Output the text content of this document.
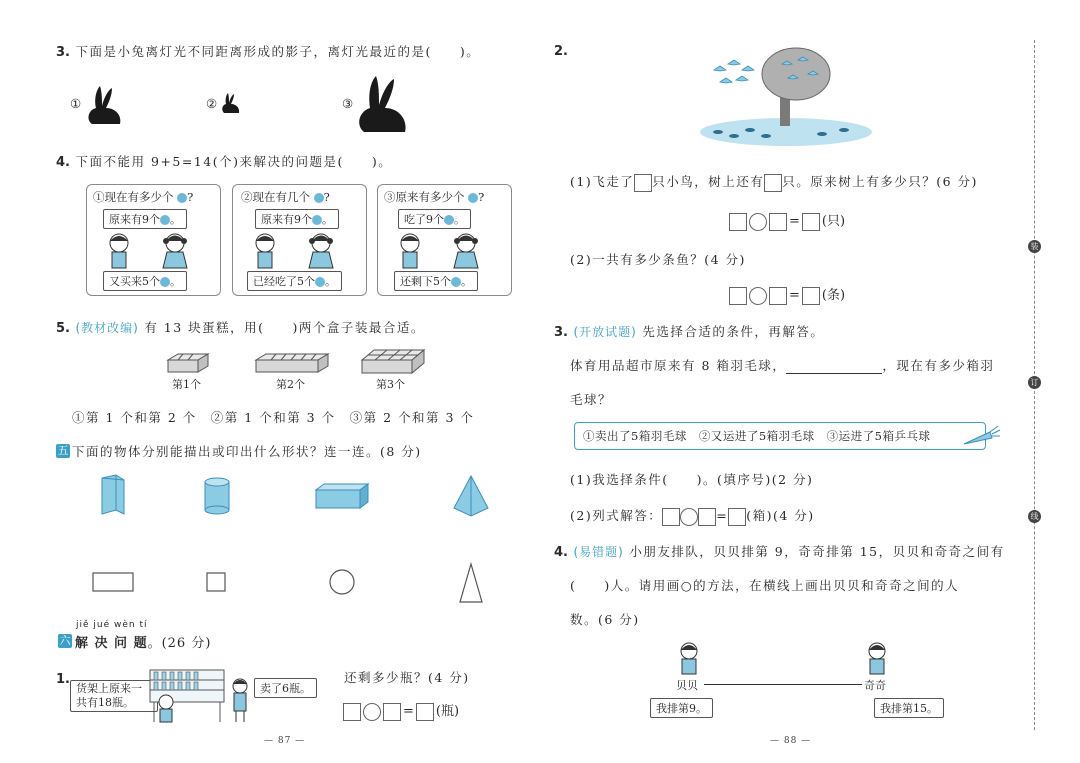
3. 下面是小兔离灯光不同距离形成的影子，离灯光最近的是(　　)。
①	②	③
4. 下面不能用 9+5=14(个)来解决的问题是(　　)。
①现在有多少个 ?
原来有9个 。
又买来5个 。
②现在有几个 ?
原来有9个 。
已经吃了5个 。
③原来有多少个 ?
吃了9个 。
还剩下5个 。
5. (教材改编) 有 13 块蛋糕，用(　　)两个盒子装最合适。
第1个	第2个	第3个
①第 1 个和第 2 个　②第 1 个和第 3 个　③第 2 个和第 3 个
五 下面的物体分别能描出或印出什么形状？连一连。(8 分)
jiě jué wèn tí
六 解 决 问 题。(26 分)
1.
货架上原来一共有18瓶。
卖了6瓶。
还剩多少瓶？(4 分)
= (瓶)
— 87 —
2.
(1)飞走了 只小鸟，树上还有 只。原来树上有多少只？(6 分)
= (只)
(2)一共有多少条鱼？(4 分)
= (条)
3. (开放试题) 先选择合适的条件，再解答。
体育用品超市原来有 8 箱羽毛球，	，现在有多少箱羽
毛球？
①卖出了5箱羽毛球　②又运进了5箱羽毛球　③运进了5箱乒乓球
(1)我选择条件(　　)。(填序号)(2 分)
(2)列式解答：	= (箱)(4 分)
4. (易错题) 小朋友排队，贝贝排第 9，奇奇排第 15，贝贝和奇奇之间有
(　　)人。请用画○的方法，在横线上画出贝贝和奇奇之间的人
数。(6 分)
贝贝	奇奇
我排第9。	我排第15。
— 88 —
装
订
线
